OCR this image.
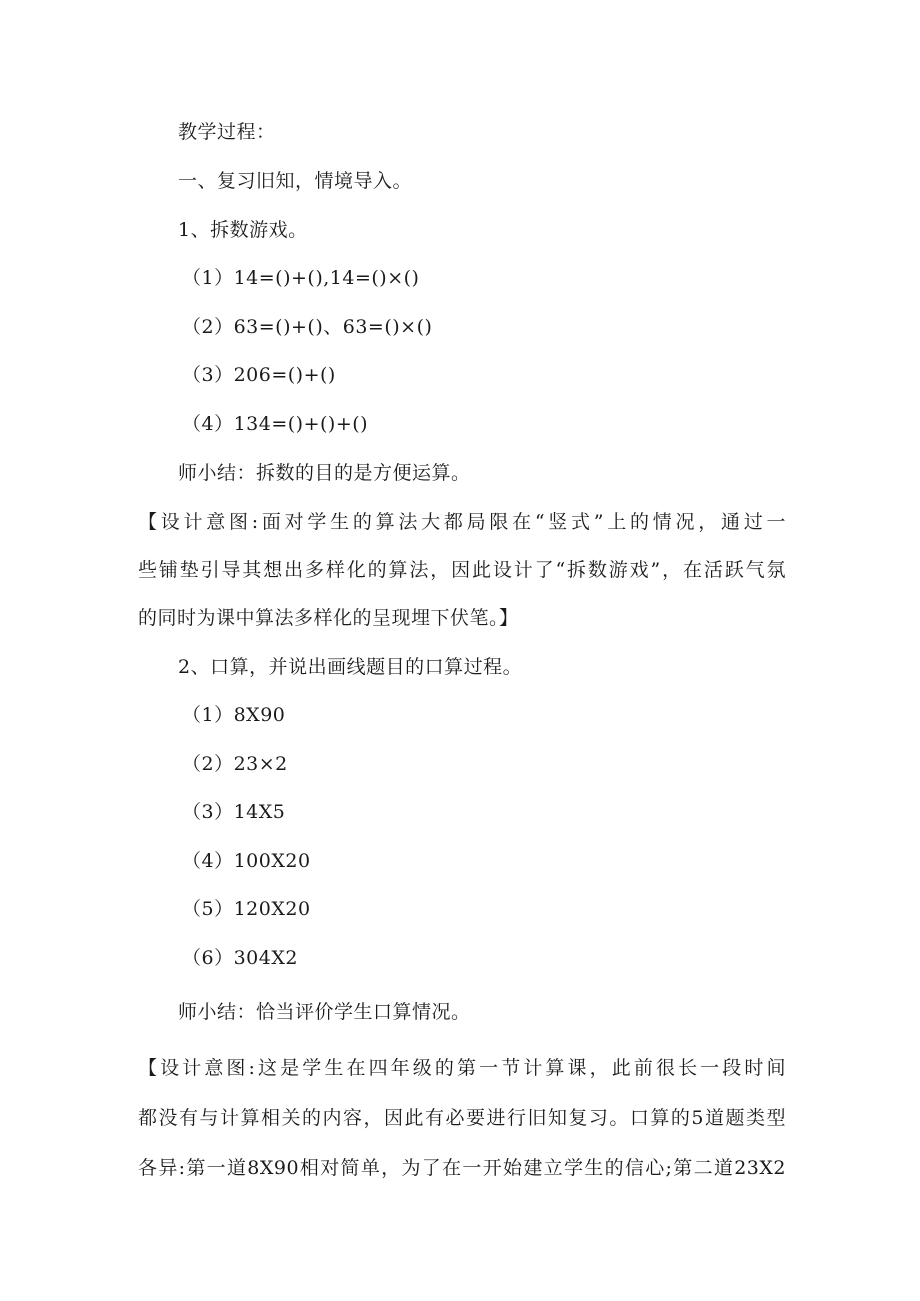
教学过程：
一、复习旧知，情境导入。
1、拆数游戏。
（1）14=()+(),14=()×()
（2）63=()+()、63=()×()
（3）206=()+()
（4）134=()+()+()
师小结：拆数的目的是方便运算。
【设计意图:面对学生的算法大都局限在“竖式”上的情况，通过一
些铺垫引导其想出多样化的算法，因此设计了“拆数游戏”，在活跃气氛
的同时为课中算法多样化的呈现埋下伏笔。】
2、口算，并说出画线题目的口算过程。
（1）8X90
（2）23×2
（3）14X5
（4）100X20
（5）120X20
（6）304X2
师小结：恰当评价学生口算情况。
【设计意图:这是学生在四年级的第一节计算课，此前很长一段时间
都没有与计算相关的内容，因此有必要进行旧知复习。口算的5道题类型
各异:第一道8X90相对简单，为了在一开始建立学生的信心;第二道23X2
